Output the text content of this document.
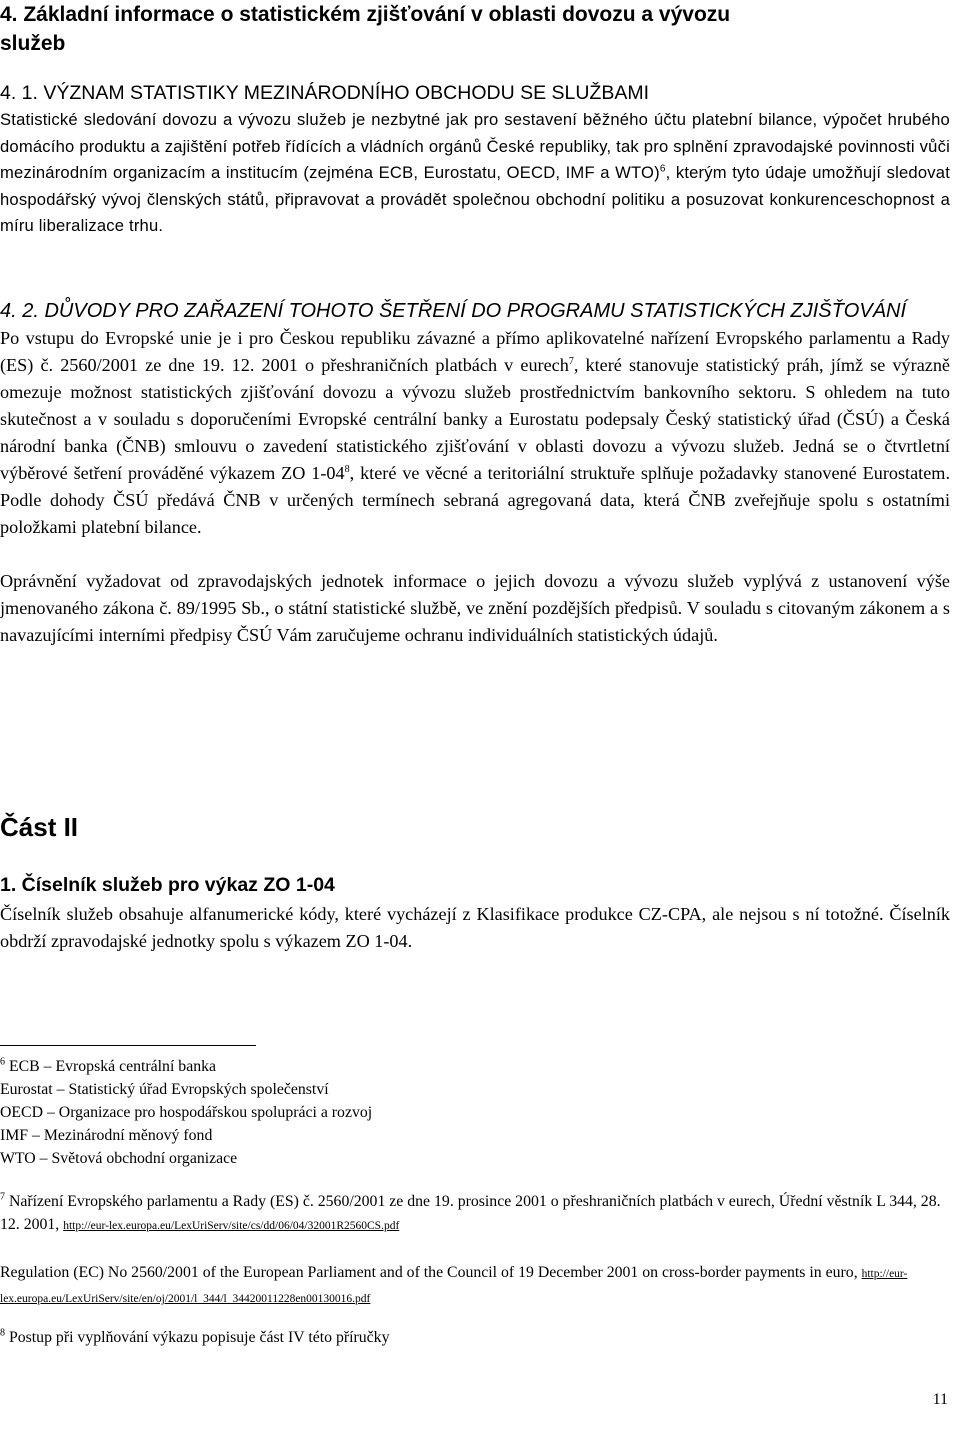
4. Základní informace o statistickém zjišťování v oblasti dovozu a vývozu
služeb
4. 1. VÝZNAM STATISTIKY MEZINÁRODNÍHO OBCHODU SE SLUŽBAMI

Statistické sledování dovozu a vývozu služeb je nezbytné jak pro sestavení běžného účtu platební bilance, výpočet hrubého domácího produktu a zajištění potřeb řídících a vládních orgánů České republiky, tak pro splnění zpravodajské povinnosti vůči mezinárodním organizacím a institucím (zejména ECB, Eurostatu, OECD, IMF a WTO)$^6$, kterým tyto údaje umožňují sledovat hospodářský vývoj členských států, připravovat a provádět společnou obchodní politiku a posuzovat konkurenceschopnost a míru liberalizace trhu.

4. 2. DŮVODY PRO ZAŘAZENÍ TOHOTO ŠETŘENÍ DO PROGRAMU STATISTICKÝCH ZJIŠŤOVÁNÍ

Po vstupu do Evropské unie je i pro Českou republiku závazné a přímo aplikovatelné nařízení Evropského parlamentu a Rady (ES) č. 2560/2001 ze dne 19. 12. 2001 o přeshraničních platbách v eurech$^7$, které stanovuje statistický práh, jímž se výrazně omezuje možnost statistických zjišťování dovozu a vývozu služeb prostřednictvím bankovního sektoru. S ohledem na tuto skutečnost a v souladu s doporučeními Evropské centrální banky a Eurostatu podepsaly Český statistický úřad (ČSÚ) a Česká národní banka (ČNB) smlouvu o zavedení statistického zjišťování v oblasti dovozu a vývozu služeb. Jedná se o čtvrtletní výběrové šetření prováděné výkazem ZO $1-04^8$, které ve věcné a teritoriální struktuře splňuje požadavky stanovené Eurostatem. Podle dohody ČSÚ předává ČNB v určených termínech sebraná agregovaná data, která ČNB zveřejňuje spolu s ostatními položkami platební bilance.

Oprávnění vyžadovat od zpravodajských jednotek informace o jejich dovozu a vývozu služeb vyplývá z ustanovení výše jmenovaného zákona č. 89/1995 Sb., o státní statistické službě, ve znění pozdějších předpisů. V souladu s citovaným zákonem a s navazujícími interními předpisy ČSÚ Vám zaručujeme ochranu individuálních statistických údajů.

Část II
1. Číselník služeb pro výkaz ZO 1-04

Číselník služeb obsahuje alfanumerické kódy, které vycházejí z Klasifikace produkce CZ-CPA, ale nejsou s ní totožné. Číselník obdrží zpravodajské jednotky spolu s výkazem ZO 1-04.

$^6$ ECB – Evropská centrální banka

Eurostat – Statistický úřad Evropských společenství

OECD – Organizace pro hospodářskou spolupráci a rozvoj

IMF – Mezinárodní měnový fond

WTO – Světová obchodní organizace

$^7$ Nařízení Evropského parlamentu a Rady (ES) č. 2560/2001 ze dne 19. prosince 2001 o přeshraničních platbách v eurech, Úřední věstník L 344, 28. 12. 2001, http://eur-lex.europa.eu/LexUriServ/site/cs/dd/06/04/32001R2560CS.pdf

Regulation (EC) No 2560/2001 of the European Parliament and of the Council of 19 December 2001 on cross-border payments in euro, http://eur-lex.europa.eu/LexUriServ/site/en/oj/2001/l_344/l_34420011228en00130016.pdf

$^8$ Postup při vyplňování výkazu popisuje část IV této příručky

11
